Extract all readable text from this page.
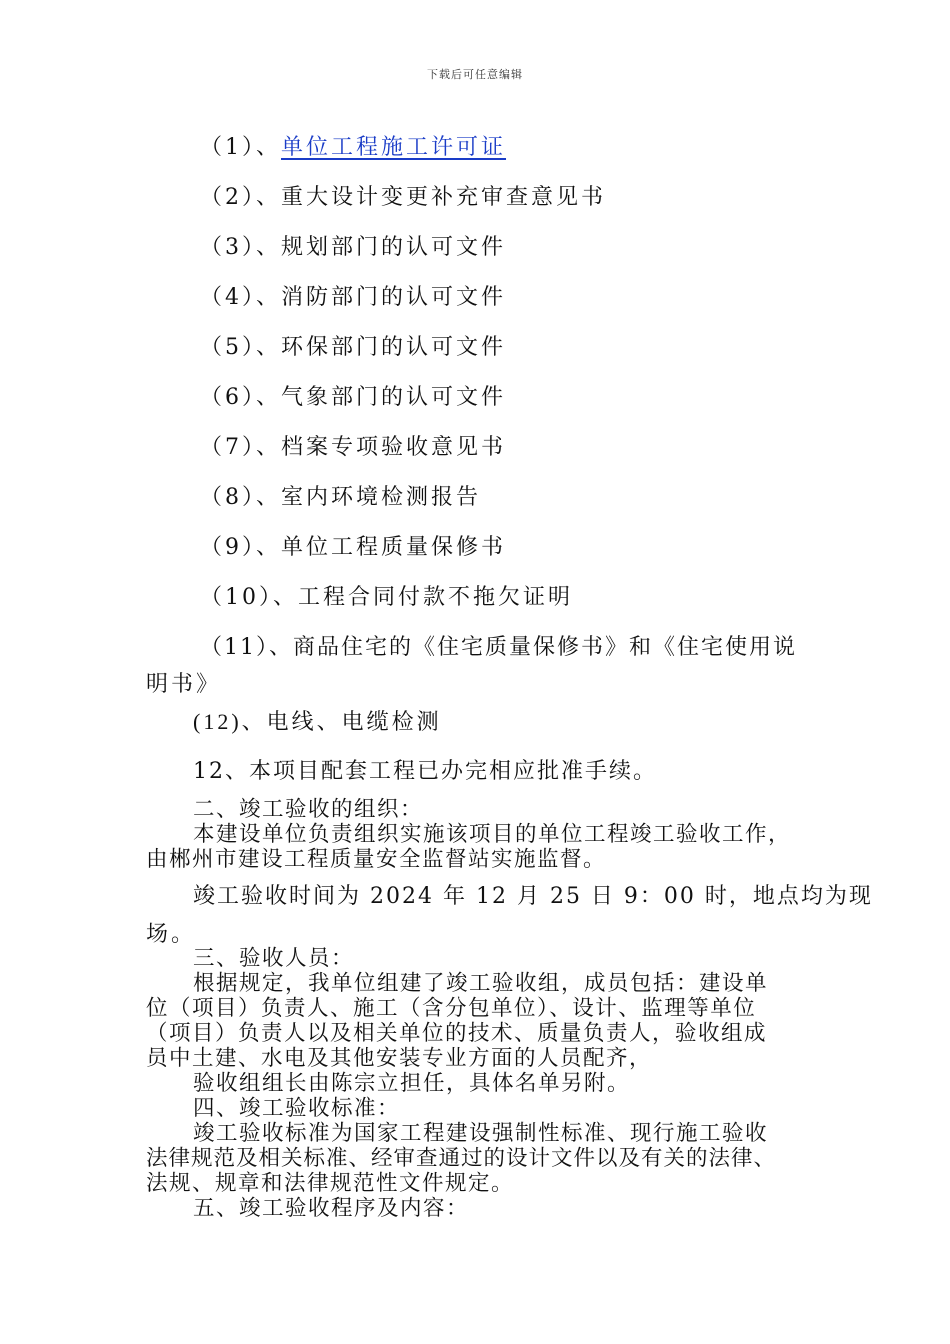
下载后可任意编辑
（1）、单位工程施工许可证
（2）、重大设计变更补充审查意见书
（3）、规划部门的认可文件
（4）、消防部门的认可文件
（5）、环保部门的认可文件
（6）、气象部门的认可文件
（7）、档案专项验收意见书
（8）、室内环境检测报告
（9）、单位工程质量保修书
（10）、工程合同付款不拖欠证明
（11）、商品住宅的《住宅质量保修书》和《住宅使用说
明书》
(12)、电线、电缆检测
12、本项目配套工程已办完相应批准手续。
二、竣工验收的组织：
本建设单位负责组织实施该项目的单位工程竣工验收工作，
由郴州市建设工程质量安全监督站实施监督。
竣工验收时间为 2024 年 12 月 25 日 9：00 时，地点均为现
场。
三、验收人员：
根据规定，我单位组建了竣工验收组，成员包括：建设单
位（项目）负责人、施工（含分包单位）、设计、监理等单位
（项目）负责人以及相关单位的技术、质量负责人，验收组成
员中土建、水电及其他安装专业方面的人员配齐，
验收组组长由陈宗立担任，具体名单另附。
四、竣工验收标准：
竣工验收标准为国家工程建设强制性标准、现行施工验收
法律规范及相关标准、经审查通过的设计文件以及有关的法律、
法规、规章和法律规范性文件规定。
五、竣工验收程序及内容：
